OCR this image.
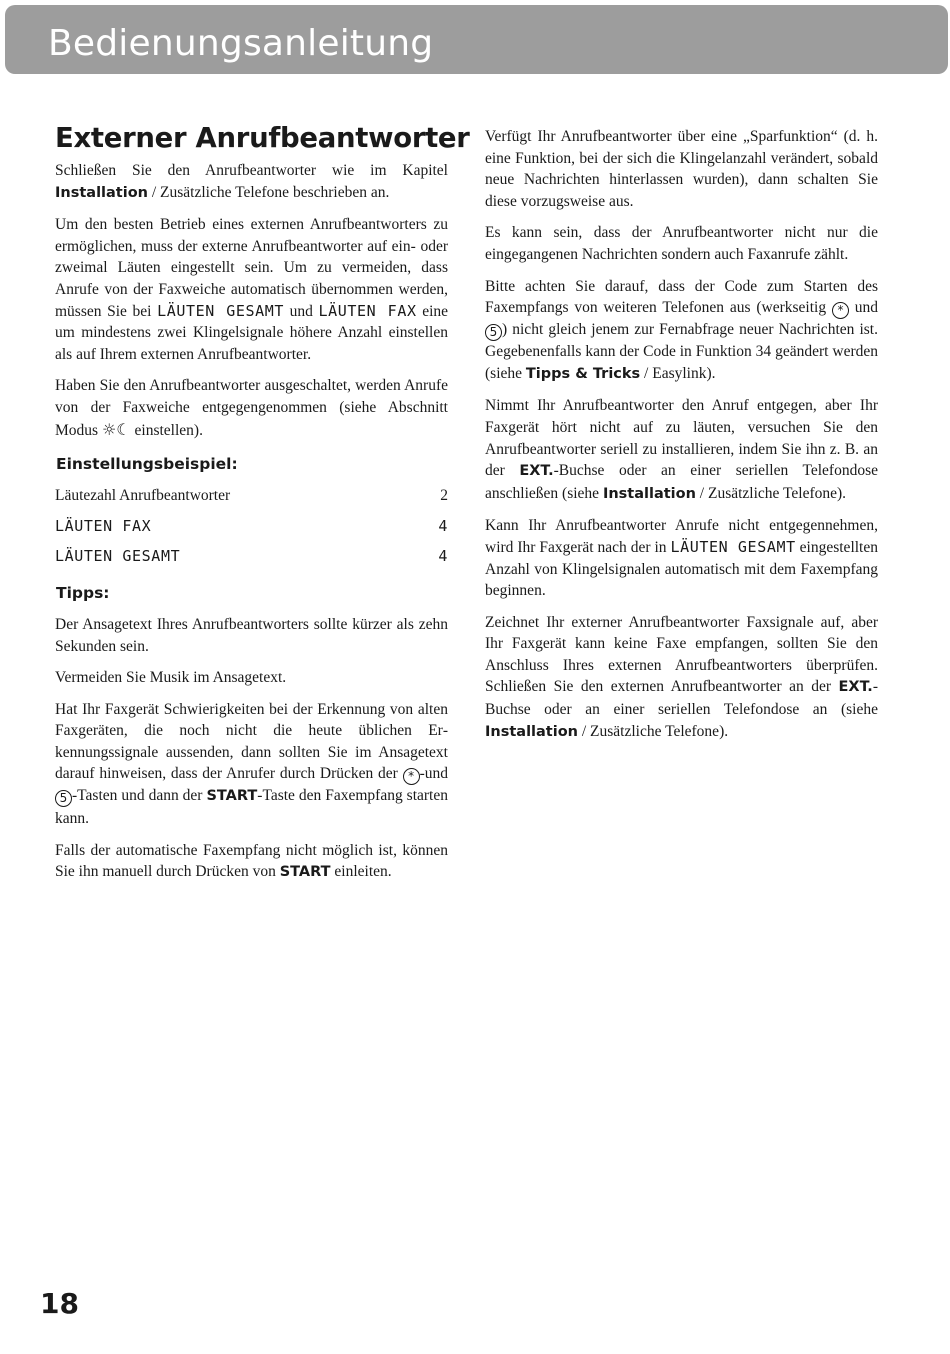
Bedienungsanleitung
Externer Anrufbeantworter

Schließen Sie den Anrufbeantworter wie im Kapitel Installation / Zusätzliche Telefone beschrieben an.

Um den besten Betrieb eines externen Anrufbeantworters zu ermöglichen, muss der externe Anrufbeantworter auf ein- oder zweimal Läuten eingestellt sein. Um zu vermeiden, dass Anrufe von der Faxweiche automatisch übernommen werden, müssen Sie bei LÄUTEN GESAMT und LÄUTEN FAX eine um mindestens zwei Klingelsignale höhere Anzahl einstellen als auf Ihrem externen Anrufbeantworter.

Haben Sie den Anrufbeantworter ausgeschaltet, werden Anrufe von der Faxweiche entgegengenommen (siehe Abschnitt Modus ☼☾ einstellen).

Einstellungsbeispiel:
Läutezahl Anrufbeantworter	2
LÄUTEN FAX	4
LÄUTEN GESAMT	4
Tipps:

Der Ansagetext Ihres Anrufbeantworters sollte kürzer als zehn Sekunden sein.

Vermeiden Sie Musik im Ansagetext.

Hat Ihr Faxgerät Schwierigkeiten bei der Erkennung von alten Faxgeräten, die noch nicht die heute üblichen Erkennungssignale aussenden, dann sollten Sie im Ansagetext darauf hinweisen, dass der Anrufer durch Drücken der * -und 5 -Tasten und dann der START-Taste den Faxempfang starten kann.

Falls der automatische Faxempfang nicht möglich ist, können Sie ihn manuell durch Drücken von START einleiten.

Verfügt Ihr Anrufbeantworter über eine „Sparfunktion“ (d. h. eine Funktion, bei der sich die Klingelanzahl verändert, sobald neue Nachrichten hinterlassen wurden), dann schalten Sie diese vorzugsweise aus.

Es kann sein, dass der Anrufbeantworter nicht nur die eingegangenen Nachrichten sondern auch Faxanrufe zählt.

Bitte achten Sie darauf, dass der Code zum Starten des Faxempfangs von weiteren Telefonen aus (werkseitig * und 5 ) nicht gleich jenem zur Fernabfrage neuer Nachrichten ist. Gegebenenfalls kann der Code in Funktion 34 geändert werden (siehe Tipps & Tricks / Easylink).

Nimmt Ihr Anrufbeantworter den Anruf entgegen, aber Ihr Faxgerät hört nicht auf zu läuten, versuchen Sie den Anrufbeantworter seriell zu installieren, indem Sie ihn z. B. an der EXT.-Buchse oder an einer seriellen Telefondose anschließen (siehe Installation / Zusätzliche Telefone).

Kann Ihr Anrufbeantworter Anrufe nicht entgegennehmen, wird Ihr Faxgerät nach der in LÄUTEN GESAMT eingestellten Anzahl von Klingelsignalen automatisch mit dem Faxempfang beginnen.

Zeichnet Ihr externer Anrufbeantworter Faxsignale auf, aber Ihr Faxgerät kann keine Faxe empfangen, sollten Sie den Anschluss Ihres externen Anrufbeantworters überprüfen. Schließen Sie den externen Anrufbeantworter an der EXT.-Buchse oder an einer seriellen Telefondose an (siehe Installation / Zusätzliche Telefone).

18
